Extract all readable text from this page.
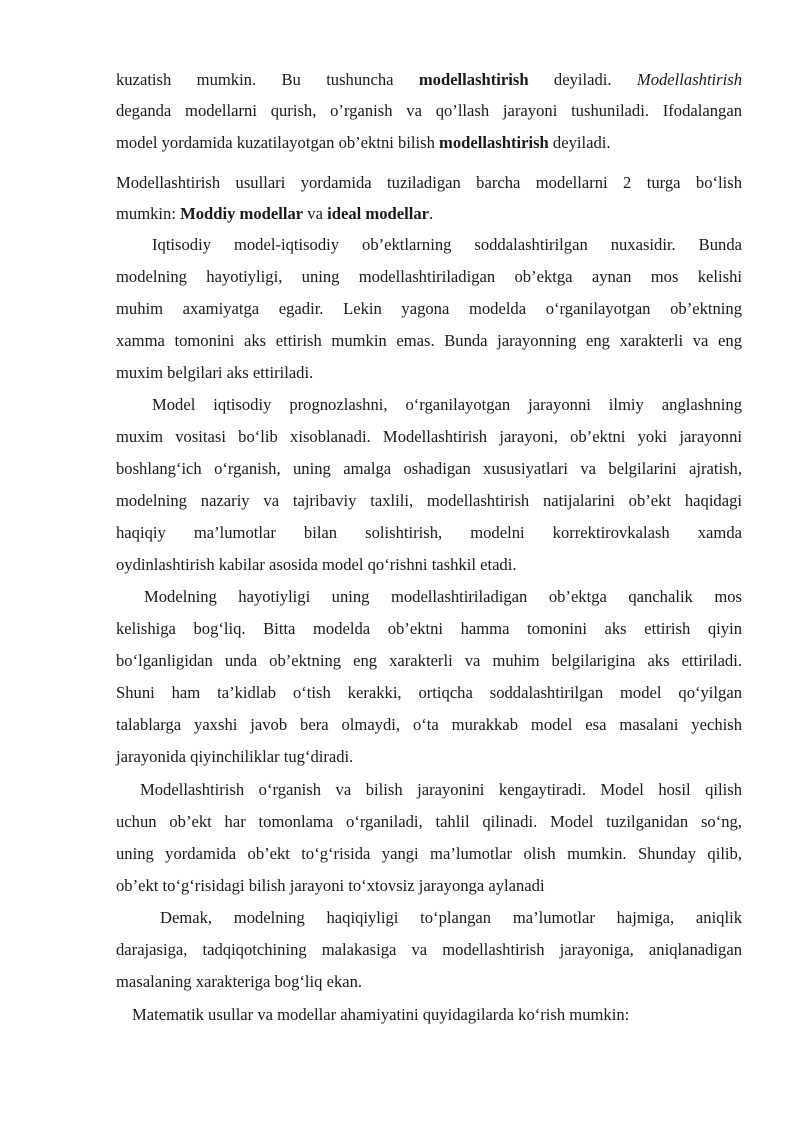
kuzatish mumkin. Bu tushuncha modellashtirish deyiladi. Modellashtirish
deganda modellarni qurish, o’rganish va qo’llash jarayoni tushuniladi. Ifodalangan
model yordamida kuzatilayotgan ob’ektni bilish modellashtirish deyiladi.
Modellashtirish usullari yordamida tuziladigan barcha modellarni 2 turga bo‘lish
mumkin: Moddiy modellar va ideal modellar.
Iqtisodiy model-iqtisodiy ob’ektlarning soddalashtirilgan nuxasidir. Bunda
modelning hayotiyligi, uning modellashtiriladigan ob’ektga aynan mos kelishi
muhim axamiyatga egadir. Lekin yagona modelda o‘rganilayotgan ob’ektning
xamma tomonini aks ettirish mumkin emas. Bunda jarayonning eng xarakterli va eng
muxim belgilari aks ettiriladi.
Model iqtisodiy prognozlashni, o‘rganilayotgan jarayonni ilmiy anglashning
muxim vositasi bo‘lib xisoblanadi. Modellashtirish jarayoni, ob’ektni yoki jarayonni
boshlang‘ich o‘rganish, uning amalga oshadigan xususiyatlari va belgilarini ajratish,
modelning nazariy va tajribaviy taxlili, modellashtirish natijalarini ob’ekt haqidagi
haqiqiy ma’lumotlar bilan solishtirish, modelni korrektirovkalash xamda
oydinlashtirish kabilar asosida model qo‘rishni tashkil etadi.
Modelning hayotiyligi uning modellashtiriladigan ob’ektga qanchalik mos
kelishiga bog‘liq. Bitta modelda ob’ektni hamma tomonini aks ettirish qiyin
bo‘lganligidan unda ob’ektning eng xarakterli va muhim belgilarigina aks ettiriladi.
Shuni ham ta’kidlab o‘tish kerakki, ortiqcha soddalashtirilgan model qo‘yilgan
talablarga yaxshi javob bera olmaydi, o‘ta murakkab model esa masalani yechish
jarayonida qiyinchiliklar tug‘diradi.
Modellashtirish o‘rganish va bilish jarayonini kengaytiradi. Model hosil qilish
uchun ob’ekt har tomonlama o‘rganiladi, tahlil qilinadi. Model tuzilganidan so‘ng,
uning yordamida ob’ekt to‘g‘risida yangi ma’lumotlar olish mumkin. Shunday qilib,
ob’ekt to‘g‘risidagi bilish jarayoni to‘xtovsiz jarayonga aylanadi
Demak, modelning haqiqiyligi to‘plangan ma’lumotlar hajmiga, aniqlik
darajasiga, tadqiqotchining malakasiga va modellashtirish jarayoniga, aniqlanadigan
masalaning xarakteriga bog‘liq ekan.
Matematik usullar va modellar ahamiyatini quyidagilarda ko‘rish mumkin:
